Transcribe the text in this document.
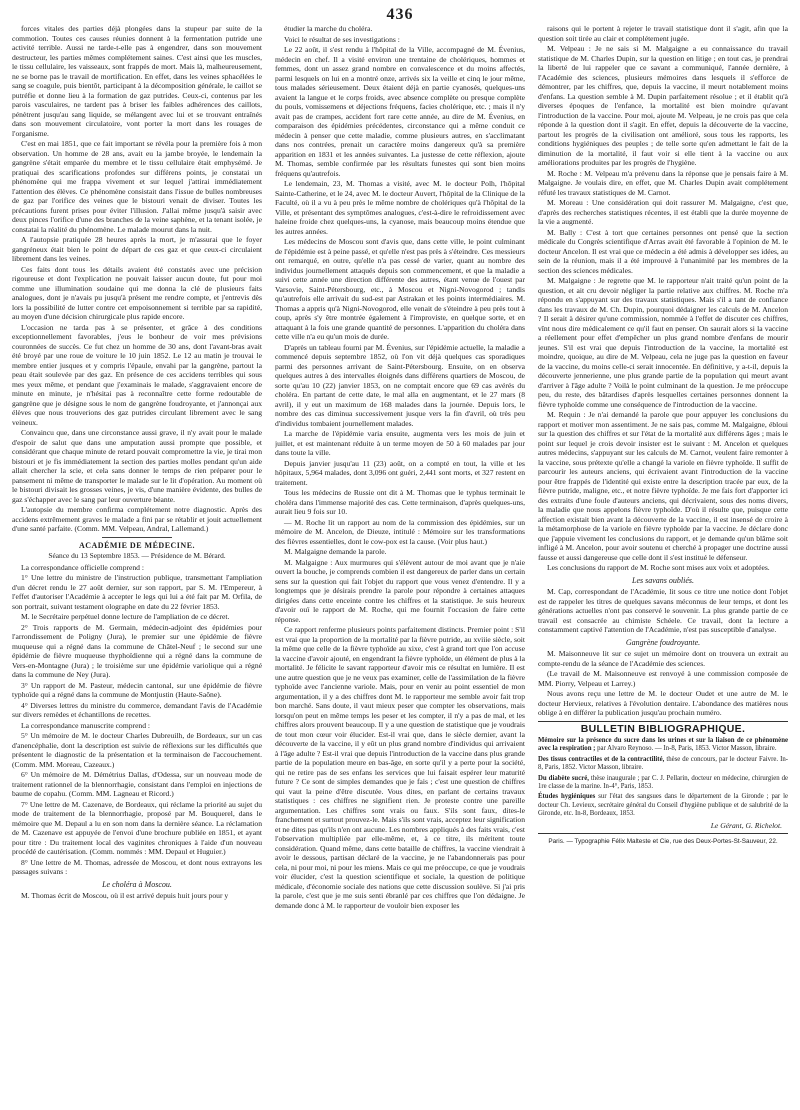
436

forces vitales des parties déjà plongées dans la stupeur par suite de la commotion. Toutes ces causes réunies donnent à la fermentation putride une activité terrible. Aussi ne tarde-t-elle pas à engendrer, dans son mouvement destructeur, les parties mêmes complétement saines. C'est ainsi que les muscles, le tissu cellulaire, les vaisseaux, sont frappés de mort. Mais là, malheureusement, ne se borne pas le travail de mortification. En effet, dans les veines sphacélées le sang se coagule, puis bientôt, participant à la décomposition générale, le caillot se putréfie et donne lieu à la formation de gaz putrides. Ceux-ci, contenus par les parois vasculaires, ne tardent pas à briser les faibles adhérences des caillots, pénètrent jusqu'au sang liquide, se mélangent avec lui et se trouvant entraînés dans son mouvement circulatoire, vont porter la mort dans les rouages de l'organisme.

C'est en mai 1851, que ce fait important se révéla pour la première fois à mon observation. Un homme de 28 ans, avait eu la jambe broyée, le lendemain la gangrène s'était emparée du membre et le tissu cellulaire était emphysémé. Je pratiquai des scarifications profondes sur différens points, je constatai un phénomène qui me frappa vivement et sur lequel j'attirai immédiatement l'attention des élèves. Ce phénomène consistait dans l'issue de bulles nombreuses de gaz par l'orifice des veines que le bistouri venait de diviser. Toutes les précautions furent prises pour éviter l'illusion. J'allai même jusqu'à saisir avec deux pinces l'orifice d'une des branches de la veine saphène, et la tenant isolée, je constatai la réalité du phénomène. Le malade mourut dans la nuit.

A l'autopsie pratiquée 28 heures après la mort, je m'assurai que le foyer gangréneux était bien le point de départ de ces gaz et que ceux-ci circulaient librement dans les veines.

Ces faits dont tous les détails avaient été constatés avec une précision rigoureuse et dont l'explication ne pouvait laisser aucun doute, fut pour moi comme une illumination soudaine qui me donna la clé de plusieurs faits analogues, dont je n'avais pu jusqu'à présent me rendre compte, et j'entrevis dès lors la possibilité de lutter contre cet empoisonnement si terrible par sa rapidité, au moyen d'une décision chirurgicale plus rapide encore.

L'occasion ne tarda pas à se présenter, et grâce à des conditions exceptionnellement favorables, j'eus le bonheur de voir mes prévisions couronnées de succès. Ce fut chez un homme de 30 ans, dont l'avant-bras avait été broyé par une roue de voiture le 10 juin 1852. Le 12 au matin je trouvai le membre entier jusques et y compris l'épaule, envahi par la gangrène, partout la peau était soulevée par des gaz. En présence de ces accidens terribles qui sous mes yeux même, et pendant que j'examinais le malade, s'aggravaient encore de minute en minute, je n'hésitai pas à reconnaître cette forme redoutable de gangrène que je désigne sous le nom de gangrène foudroyante, et j'annonçai aux élèves que nous trouverions des gaz putrides circulant librement avec le sang veineux.

Convaincu que, dans une circonstance aussi grave, il n'y avait pour le malade d'espoir de salut que dans une amputation aussi prompte que possible, et considérant que chaque minute de retard pouvait compromettre la vie, je tirai mon bistouri et je fis immédiatement la section des parties molles pendant qu'un aide allait chercher la scie, et cela sans donner le temps de rien préparer pour le pansement ni même de transporter le malade sur le lit d'opération. Au moment où le bistouri divisait les grosses veines, je vis, d'une manière évidente, des bulles de gaz s'échapper avec le sang par leur ouverture béante.

L'autopsie du membre confirma complétement notre diagnostic. Après des accidens extrêmement graves le malade a fini par se rétablir et jouit actuellement d'une santé parfaite. (Comm. MM. Velpeau, Andral, Lallemand.)

ACADÉMIE DE MÉDECINE.
Séance du 13 Septembre 1853. — Présidence de M. Bérard.

La correspondance officielle comprend :

1° Une lettre du ministre de l'instruction publique, transmettant l'ampliation d'un décret rendu le 27 août dernier, sur son rapport, par S. M. l'Empereur, à l'effet d'autoriser l'Académie à accepter le legs qui lui a été fait par M. Orfila, de son portrait, suivant testament olographe en date du 22 février 1853.

M. le Secrétaire perpétuel donne lecture de l'ampliation de ce décret.

2° Trois rapports de M. Germain, médecin-adjoint des épidémies pour l'arrondissement de Poligny (Jura), le premier sur une épidémie de fièvre muqueuse qui a régné dans la commune de Châtel-Neuf ; le second sur une épidémie de fièvre muqueuse thyphoïdienne qui a régné dans la commune de Vers-en-Montagne (Jura) ; le troisième sur une épidémie variolique qui a régné dans la commune de Ney (Jura).

3° Un rapport de M. Pasteur, médecin cantonal, sur une épidémie de fièvre typhoïde qui a régné dans la commune de Montjustin (Haute-Saône).

4° Diverses lettres du ministre du commerce, demandant l'avis de l'Académie sur divers remèdes et échantillons de recettes.

La correspondance manuscrite comprend :

5° Un mémoire de M. le docteur Charles Dubreuilh, de Bordeaux, sur un cas d'anencéphalie, dont la description est suivie de réflexions sur les difficultés que présentent le diagnostic de la présentation et la terminaison de l'accouchement. (Comm. MM. Moreau, Cazeaux.)

6° Un mémoire de M. Démétrius Dallas, d'Odessa, sur un nouveau mode de traitement rationnel de la blennorrhagie, consistant dans l'emploi en injections de baume de copahu. (Comm. MM. Lagneau et Ricord.)

7° Une lettre de M. Cazenave, de Bordeaux, qui réclame la priorité au sujet du mode de traitement de la blennorrhagie, proposé par M. Bouquerel, dans le mémoire que M. Depaul a lu en son nom dans la dernière séance. La réclamation de M. Cazenave est appuyée de l'envoi d'une brochure publiée en 1851, et ayant pour titre : Du traitement local des vaginites chroniques à l'aide d'un nouveau procédé de cautérisation. (Comm. nommés : MM. Depaul et Huguier.)

8° Une lettre de M. Thomas, adressée de Moscou, et dont nous extrayons les passages suivans :

Le choléra à Moscou.

M. Thomas écrit de Moscou, où il est arrivé depuis huit jours pour y

étudier la marche du choléra.

Voici le résultat de ses investigations :

Le 22 août, il s'est rendu à l'hôpital de la Ville, accompagné de M. Évenius, médecin en chef. Il a visité environ une trentaine de cholériques, hommes et femmes, dont un assez grand nombre en convalescence et du moins affectés, parmi lesquels on lui en a montré onze, arrivés six la veille et cinq le jour même, tous malades sérieusement. Deux étaient déjà en partie cyanosés, quelques-uns avaient la langue et le corps froids, avec absence complète ou presque complète du pouls, vomissemens et déjections fréquens, facies cholérique, etc. ; mais il n'y avait pas de crampes, accident fort rare cette année, au dire de M. Évenius, en comparaison des épidémies précédentes, circonstance qui a même conduit ce médecin à penser que cette maladie, comme plusieurs autres, en s'acclimatant dans nos contrées, prenait un caractère moins dangereux qu'à sa première apparition en 1831 et les années suivantes. La justesse de cette réflexion, ajoute M. Thomas, semble confirmée par les résultats funestes qui sont bien moins fréquens qu'autrefois.

Le lendemain, 23, M. Thomas a visité, avec M. le docteur Polh, l'hôpital Sainte-Catherine, et le 24, avec M. le docteur Auvert, l'hôpital de la Clinique de la Faculté, où il a vu à peu près le même nombre de cholériques qu'à l'hôpital de la Ville, et présentant des symptômes analogues, c'est-à-dire le refroidissement avec haleine froide chez quelques-uns, la cyanose, mais beaucoup moins étendue que les autres années.

Les médecins de Moscou sont d'avis que, dans cette ville, le point culminant de l'épidémie est à peine passé, et qu'elle n'est pas près à s'éteindre. Ces messieurs ont remarqué, en outre, qu'elle n'a pas cessé de varier, quant au nombre des individus journellement attaqués depuis son commencement, et que la maladie a suivi cette année une direction différente des autres, étant venue de l'ouest par Varsovie, Saint-Pétersbourg, etc., à Moscou et Nigni-Novogorod ; tandis qu'autrefois elle arrivait du sud-est par Astrakan et les points intermédiaires. M. Thomas a appris qu'à Nigni-Novogorod, elle venait de s'éteindre à peu près tout à coup, après s'y être montrée également à l'improviste, en quelque sorte, et en attaquant à la fois une grande quantité de personnes. L'apparition du choléra dans cette ville n'a eu qu'un mois de durée.

D'après un tableau fourni par M. Évenius, sur l'épidémie actuelle, la maladie a commencé depuis septembre 1852, où l'on vit déjà quelques cas sporadiques parmi des personnes arrivant de Saint-Pétersbourg. Ensuite, on en observa quelques autres à des intervalles éloignés dans différens quartiers de Moscou, de sorte qu'au 10 (22) janvier 1853, on ne comptait encore que 69 cas avérés du choléra. En partant de cette date, le mal alla en augmentant, et le 27 mars (8 avril), il y eut un maximum de 168 malades dans la journée. Depuis lors, le nombre des cas diminua successivement jusque vers la fin d'avril, où très peu d'individus tombaient journellement malades.

La marche de l'épidémie varia ensuite, augmenta vers les mois de juin et juillet, et est maintenant réduite à un terme moyen de 50 à 60 malades par jour dans toute la ville.

Depuis janvier jusqu'au 11 (23) août, on a compté en tout, la ville et les hôpitaux, 5,964 malades, dont 3,096 ont guéri, 2,441 sont morts, et 327 restent en traitement.

Tous les médecins de Russie ont dit à M. Thomas que le typhus terminait le choléra dans l'immense majorité des cas. Cette terminaison, d'après quelques-uns, aurait lieu 9 fois sur 10.

— M. Roche lit un rapport au nom de la commission des épidémies, sur un mémoire de M. Ancelon, de Dieuze, intitulé : Mémoire sur les transformations des fièvres essentielles, dont le cow-pox est la cause. (Voir plus haut.)

M. Malgaigne demande la parole.

M. Malgaigne : Aux murmures qui s'élèvent autour de moi avant que je n'aie ouvert la bouche, je comprends combien il est dangereux de parler dans un certain sens sur la question qui fait l'objet du rapport que vous venez d'entendre. Il y a longtemps que je désirais prendre la parole pour répondre à certaines attaques dirigées dans cette enceinte contre les chiffres et la statistique. Je suis heureux d'avoir ouï le rapport de M. Roche, qui me fournit l'occasion de faire cette réponse.

Ce rapport renferme plusieurs points parfaitement distincts. Premier point : S'il est vrai que la proportion de la mortalité par la fièvre putride, au xviiie siècle, soit la même que celle de la fièvre typhoïde au xixe, c'est à grand tort que l'on accuse la vaccine d'avoir ajouté, en engendrant la fièvre typhoïde, un élément de plus à la mortalité. Je félicite le savant rapporteur d'avoir mis ce résultat en lumière. Il est une autre question que je ne veux pas examiner, celle de l'assimilation de la fièvre typhoïde avec l'ancienne variole. Mais, pour en venir au point essentiel de mon argumentation, il y a des chiffres dont M. le rapporteur me semble avoir fait trop bon marché. Sans doute, il vaut mieux peser que compter les observations, mais lorsqu'on peut en même temps les peser et les compter, il n'y a pas de mal, et les chiffres alors prouvent beaucoup. Il y a une question de statistique que je voudrais de tout mon cœur voir élucider. Est-il vrai que, dans le siècle dernier, avant la découverte de la vaccine, il y eût un plus grand nombre d'individus qui arrivaient à l'âge adulte ? Est-il vrai que depuis l'introduction de la vaccine dans plus grande partie de la population meure en bas-âge, en sorte qu'il y a perte pour la société, qui ne retire pas de ses enfans les services que lui faisait espérer leur maturité future ? Ce sont de simples demandes que je fais ; c'est une question de chiffres qui vaut la peine d'être discutée. Vous dites, en parlant de certains travaux statistiques : ces chiffres ne signifient rien. Je proteste contre une pareille argumentation. Les chiffres sont vrais ou faux. S'ils sont faux, dites-le franchement et surtout prouvez-le. Mais s'ils sont vrais, acceptez leur signification et ne dites pas qu'ils n'en ont aucune. Les nombres appliqués à des faits vrais, c'est l'observation multipliée par elle-même, et, à ce titre, ils méritent toute considération. Quand même, dans cette bataille de chiffres, la vaccine viendrait à avoir le dessous, partisan déclaré de la vaccine, je ne l'abandonnerais pas pour cela, ni pour moi, ni pour les miens. Mais ce qui me préoccupe, ce que je voudrais voir élucider, c'est la question scientifique et sociale, la question de politique médicale, d'économie sociale des nations que cette discussion soulève. Si j'ai pris la parole, c'est que je me suis senti ébranlé par ces chiffres que l'on dédaigne. Je demande donc à M. le rapporteur de vouloir bien exposer les

raisons qui le portent à rejeter le travail statistique dont il s'agit, afin que la question soit tirée au clair et complétement jugée.

M. Velpeau : Je ne sais si M. Malgaigne a eu connaissance du travail statistique de M. Charles Dupin, sur la question en litige ; en tout cas, je prendrai la liberté de lui rappeler que ce savant a communiqué, l'année dernière, à l'Académie des sciences, plusieurs mémoires dans lesquels il s'efforce de démontrer, par les chiffres, que, depuis la vaccine, il meurt notablement moins d'enfans. La question semble à M. Dupin parfaitement résolue ; et il établit qu'à diverses époques de l'enfance, la mortalité est bien moindre qu'avant l'introduction de la vaccine. Pour moi, ajoute M. Velpeau, je ne crois pas que cela réponde à la question dont il s'agit. En effet, depuis la découverte de la vaccine, partout les progrès de la civilisation ont amélioré, sous tous les rapports, les conditions hygiéniques des peuples ; de telle sorte qu'en admettant le fait de la diminution de la mortalité, il faut voir si elle tient à la vaccine ou aux améliorations produites par les progrès de l'hygiène.

M. Roche : M. Velpeau m'a prévenu dans la réponse que je pensais faire à M. Malgaigne. Je voulais dire, en effet, que M. Charles Dupin avait complétement réfuté les travaux statistiques de M. Carnot.

M. Moreau : Une considération qui doit rassurer M. Malgaigne, c'est que, d'après des recherches statistiques récentes, il est établi que la durée moyenne de la vie a augmenté.

M. Bally : C'est à tort que certaines personnes ont pensé que la section médicale du Congrès scientifique d'Arras avait été favorable à l'opinion de M. le docteur Ancelon. Il est vrai que ce médecin a été admis à développer ses idées, au sein de la réunion, mais il a été improuvé à l'unanimité par les membres de la section des sciences médicales.

M. Malgaigne : Je regrette que M. le rapporteur n'ait traité qu'un point de la question, et ait cru devoir négliger la partie relative aux chiffres. M. Roche m'a répondu en s'appuyant sur des travaux statistiques. Mais s'il a tant de confiance dans les travaux de M. Ch. Dupin, pourquoi dédaigner les calculs de M. Ancelon ? Il serait à désirer qu'une commission, nommée à l'effet de discuter ces chiffres, vînt nous dire médicalement ce qu'il faut en penser. On saurait alors si la vaccine a réellement pour effet d'empêcher un plus grand nombre d'enfans de mourir jeunes. S'il est vrai que depuis l'introduction de la vaccine, la mortalité est moindre, quoique, au dire de M. Velpeau, cela ne juge pas la question en faveur de la vaccine, du moins celle-ci serait innocentée. En définitive, y a-t-il, depuis la découverte jennerienne, une plus grande partie de la population qui meurt avant d'arriver à l'âge adulte ? Voilà le point culminant de la question. Je me préoccupe peu, du reste, des bâtardises d'après lesquelles certaines personnes donnent la fièvre typhoïde comme une conséquence de l'introduction de la vaccine.

M. Requin : Je n'ai demandé la parole que pour appuyer les conclusions du rapport et motiver mon assentiment. Je ne sais pas, comme M. Malgaigne, ébloui sur la question des chiffres et sur l'état de la mortalité aux différens âges ; mais le point sur lequel je crois devoir insister est le suivant : M. Ancelon et quelques autres médecins, s'appuyant sur les calculs de M. Carnot, veulent faire remonter à la vaccine, sous prétexte qu'elle a changé la variole en fièvre typhoïde. Il suffit de parcourir les auteurs anciens, qui écrivaient avant l'introduction de la vaccine pour être frappés de l'identité qui existe entre la description tracée par eux, de la fièvre putride, maligne, etc., et notre fièvre typhoïde. Je me fais fort d'apporter ici des extraits d'une foule d'auteurs anciens, qui décrivaient, sous des noms divers, la maladie que nous appelons fièvre typhoïde. D'où il résulte que, puisque cette affection existait bien avant la découverte de la vaccine, il est insensé de croire à la métamorphose de la variole en fièvre typhoïde par la vaccine. Je déclare donc que j'appuie vivement les conclusions du rapport, et je demande qu'un blâme soit infligé à M. Ancelon, pour avoir soutenu et cherché à propager une doctrine aussi fausse et aussi dangereuse que celle dont il s'est institué le défenseur.

Les conclusions du rapport de M. Roche sont mises aux voix et adoptées.

Les savans oubliés.

M. Cap, correspondant de l'Académie, lit sous ce titre une notice dont l'objet est de rappeler les titres de quelques savans méconnus de leur temps, et dont les générations actuelles n'ont pas conservé le souvenir. La plus grande partie de ce travail est consacrée au chimiste Schéele. Ce travail, dont la lecture a constamment captivé l'attention de l'Académie, n'est pas susceptible d'analyse.

Gangrène foudroyante.

M. Maisonneuve lit sur ce sujet un mémoire dont on trouvera un extrait au compte-rendu de la séance de l'Académie des sciences.

(Le travail de M. Maisonneuve est renvoyé à une commission composée de MM. Piorry, Velpeau et Larrey.)

Nous avons reçu une lettre de M. le docteur Oudet et une autre de M. le docteur Hervieux, relatives à l'évolution dentaire. L'abondance des matières nous oblige à en différer la publication jusqu'au prochain numéro.

BULLETIN BIBLIOGRAPHIQUE.
Mémoire sur la présence du sucre dans les urines et sur la liaison de ce phénomène avec la respiration ; par Alvaro Reynoso. — In-8, Paris, 1853. Victor Masson, libraire.
Des tissus contractiles et de la contractilité, thèse de concours, par le docteur Faivre. In-8, Paris, 1852. Victor Masson, libraire.
Du diabète sucré, thèse inaugurale ; par C. J. Pellarin, docteur en médecine, chirurgien de 1re classe de la marine. In-4°, Paris, 1853.
Études hygiéniques sur l'état des sangsues dans le département de la Gironde ; par le docteur Ch. Levieux, secrétaire général du Conseil d'hygiène publique et de salubrité de la Gironde, etc. In-8, Bordeaux, 1853.
Le Gérant, G. Richelot.
Paris. — Typographie Félix Malteste et Cie, rue des Deux-Portes-St-Sauveur, 22.
